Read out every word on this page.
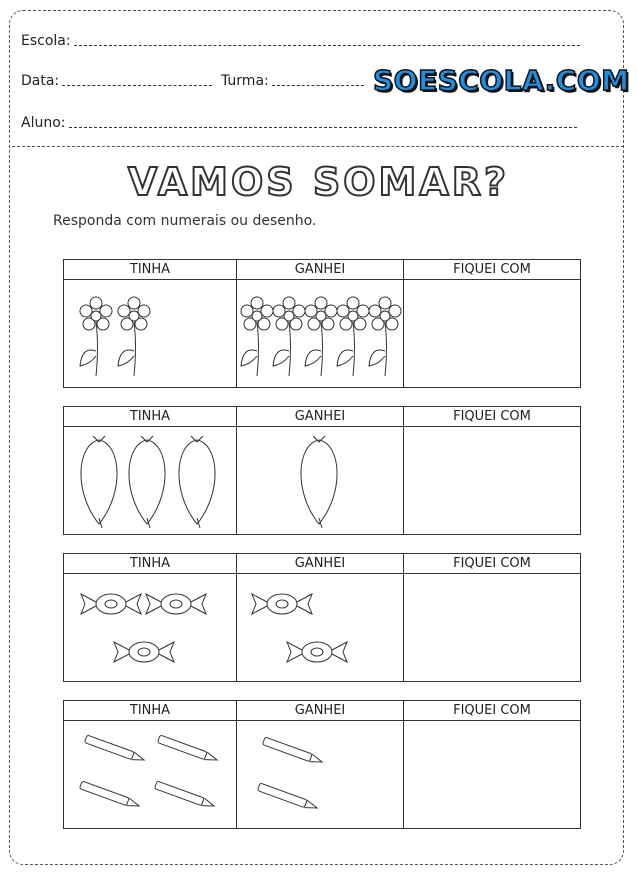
Escola:
Data:	Turma:
Aluno:
SOESCOLA.COM
VAMOS SOMAR?
Responda com numerais ou desenho.
TINHA	GANHEI	FIQUEI COM
TINHA	GANHEI	FIQUEI COM
TINHA	GANHEI	FIQUEI COM
TINHA	GANHEI	FIQUEI COM
